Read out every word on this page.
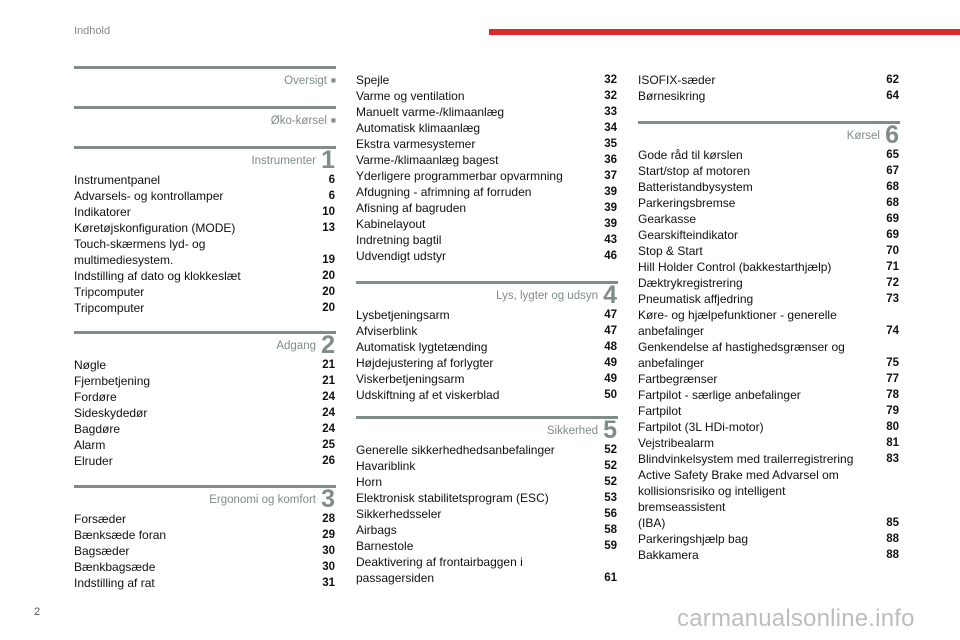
Indhold
Oversigt ■
Øko-kørsel ■
Instrumenter 1
Instrumentpanel	6
Advarsels- og kontrollamper	6
Indikatorer	10
Køretøjskonfiguration (MODE)	13
Touch-skærmens lyd- og
multimediesystem.	19
Indstilling af dato og klokkeslæt	20
Tripcomputer	20
Tripcomputer	20
Adgang 2
Nøgle	21
Fjernbetjening	21
Fordøre	24
Sideskydedør	24
Bagdøre	24
Alarm	25
Elruder	26
Ergonomi og komfort 3
Forsæder	28
Bænksæde foran	29
Bagsæder	30
Bænkbagsæde	30
Indstilling af rat	31
Spejle	32
Varme og ventilation	32
Manuelt varme-/klimaanlæg	33
Automatisk klimaanlæg	34
Ekstra varmesystemer	35
Varme-/klimaanlæg bagest	36
Yderligere programmerbar opvarmning	37
Afdugning - afrimning af forruden	39
Afisning af bagruden	39
Kabinelayout	39
Indretning bagtil	43
Udvendigt udstyr	46
Lys, lygter og udsyn 4
Lysbetjeningsarm	47
Afviserblink	47
Automatisk lygtetænding	48
Højdejustering af forlygter	49
Viskerbetjeningsarm	49
Udskiftning af et viskerblad	50
Sikkerhed 5
Generelle sikkerhedhedsanbefalinger	52
Havariblink	52
Horn	52
Elektronisk stabilitetsprogram (ESC)	53
Sikkerhedsseler	56
Airbags	58
Barnestole	59
Deaktivering af frontairbaggen i
passagersiden	61
ISOFIX-sæder	62
Børnesikring	64
Kørsel 6
Gode råd til kørslen	65
Start/stop af motoren	67
Batteristandbysystem	68
Parkeringsbremse	68
Gearkasse	69
Gearskifteindikator	69
Stop & Start	70
Hill Holder Control (bakkestarthjælp)	71
Dæktrykregistrering	72
Pneumatisk affjedring	73
Køre- og hjælpefunktioner - generelle
anbefalinger	74
Genkendelse af hastighedsgrænser og
anbefalinger	75
Fartbegrænser	77
Fartpilot - særlige anbefalinger	78
Fartpilot	79
Fartpilot (3L HDi-motor)	80
Vejstribealarm	81
Blindvinkelsystem med trailerregistrering	83
Active Safety Brake med Advarsel om
kollisionsrisiko og intelligent bremseassistent
(IBA)	85
Parkeringshjælp bag	88
Bakkamera	88
2	carmanualsonline.info
